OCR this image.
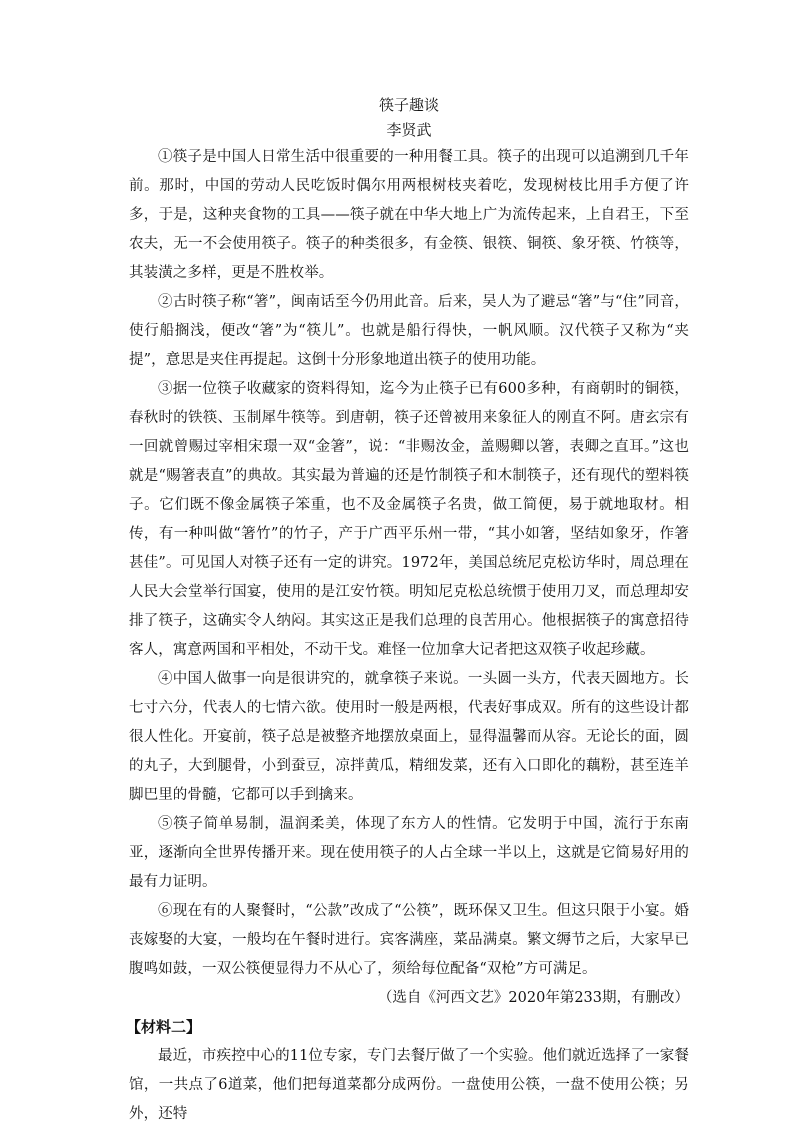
筷子趣谈
李贤武

①筷子是中国人日常生活中很重要的一种用餐工具。筷子的出现可以追溯到几千年前。那时，中国的劳动人民吃饭时偶尔用两根树枝夹着吃，发现树枝比用手方便了许多，于是，这种夹食物的工具——筷子就在中华大地上广为流传起来，上自君王，下至农夫，无一不会使用筷子。筷子的种类很多，有金筷、银筷、铜筷、象牙筷、竹筷等，其装潢之多样，更是不胜枚举。

②古时筷子称“箸”，闽南话至今仍用此音。后来，吴人为了避忌“箸”与“住”同音，使行船搁浅，便改“箸”为“筷儿”。也就是船行得快，一帆风顺。汉代筷子又称为“夹提”，意思是夹住再提起。这倒十分形象地道出筷子的使用功能。

③据一位筷子收藏家的资料得知，迄今为止筷子已有600多种，有商朝时的铜筷，春秋时的铁筷、玉制犀牛筷等。到唐朝，筷子还曾被用来象征人的刚直不阿。唐玄宗有一回就曾赐过宰相宋璟一双“金箸”，说：“非赐汝金，盖赐卿以箸，表卿之直耳。”这也就是“赐箸表直”的典故。其实最为普遍的还是竹制筷子和木制筷子，还有现代的塑料筷子。它们既不像金属筷子笨重，也不及金属筷子名贵，做工简便，易于就地取材。相传，有一种叫做“箸竹”的竹子，产于广西平乐州一带，“其小如箸，坚结如象牙，作箸甚佳”。可见国人对筷子还有一定的讲究。1972年，美国总统尼克松访华时，周总理在人民大会堂举行国宴，使用的是江安竹筷。明知尼克松总统惯于使用刀叉，而总理却安排了筷子，这确实令人纳闷。其实这正是我们总理的良苦用心。他根据筷子的寓意招待客人，寓意两国和平相处，不动干戈。难怪一位加拿大记者把这双筷子收起珍藏。

④中国人做事一向是很讲究的，就拿筷子来说。一头圆一头方，代表天圆地方。长七寸六分，代表人的七情六欲。使用时一般是两根，代表好事成双。所有的这些设计都很人性化。开宴前，筷子总是被整齐地摆放桌面上，显得温馨而从容。无论长的面，圆的丸子，大到腿骨，小到蚕豆，凉拌黄瓜，精细发菜，还有入口即化的藕粉，甚至连羊脚巴里的骨髓，它都可以手到擒来。

⑤筷子简单易制，温润柔美，体现了东方人的性情。它发明于中国，流行于东南亚，逐渐向全世界传播开来。现在使用筷子的人占全球一半以上，这就是它简易好用的最有力证明。

⑥现在有的人聚餐时，“公款”改成了“公筷”，既环保又卫生。但这只限于小宴。婚丧嫁娶的大宴，一般均在午餐时进行。宾客满座，菜品满桌。繁文缛节之后，大家早已腹鸣如鼓，一双公筷便显得力不从心了，须给每位配备“双枪”方可满足。

（选自《河西文艺》2020年第233期，有删改）

【材料二】

最近，市疾控中心的11位专家，专门去餐厅做了一个实验。他们就近选择了一家餐馆，一共点了6道菜，他们把每道菜都分成两份。一盘使用公筷，一盘不使用公筷；另外，还特
